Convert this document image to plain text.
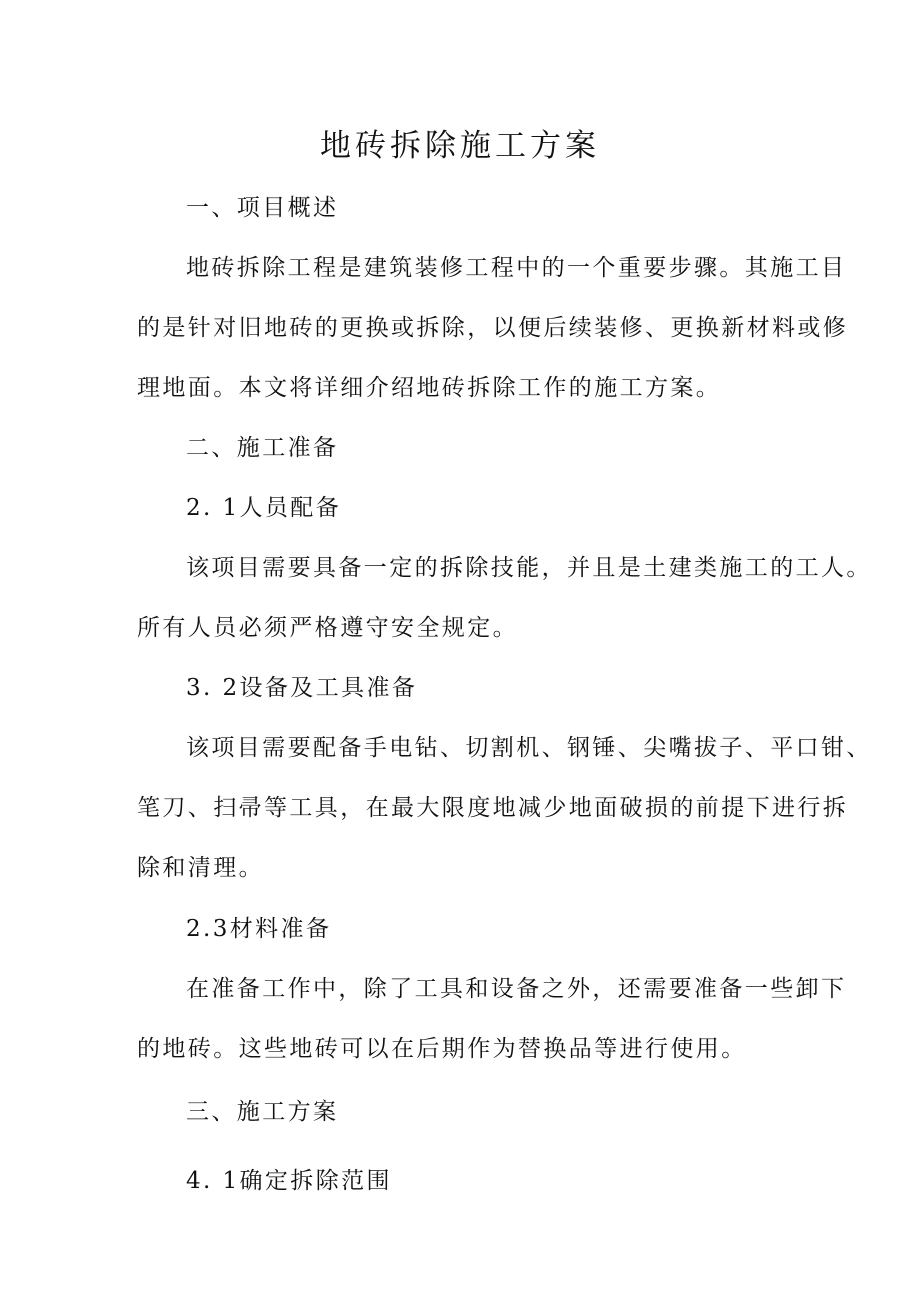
地砖拆除施工方案
一、项目概述
地砖拆除工程是建筑装修工程中的一个重要步骤。其施工目
的是针对旧地砖的更换或拆除，以便后续装修、更换新材料或修
理地面。本文将详细介绍地砖拆除工作的施工方案。
二、施工准备
2. 1人员配备
该项目需要具备一定的拆除技能，并且是土建类施工的工人。
所有人员必须严格遵守安全规定。
3. 2设备及工具准备
该项目需要配备手电钻、切割机、钢锤、尖嘴拔子、平口钳、
笔刀、扫帚等工具，在最大限度地减少地面破损的前提下进行拆
除和清理。
2.3材料准备
在准备工作中，除了工具和设备之外，还需要准备一些卸下
的地砖。这些地砖可以在后期作为替换品等进行使用。
三、施工方案
4. 1确定拆除范围
